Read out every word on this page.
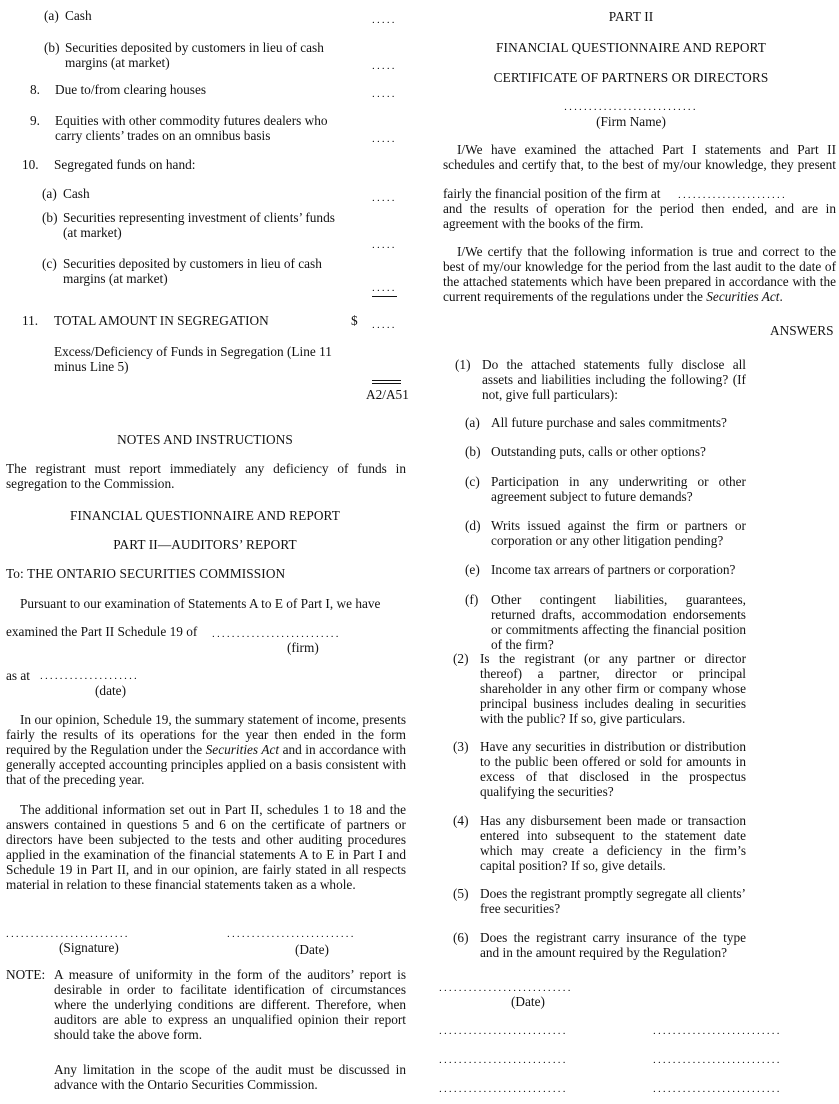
(a) Cash	.....
(b) Securities deposited by customers in lieu of cash
margins (at market)	.....
8. Due to/from clearing houses	.....
9. Equities with other commodity futures dealers who
carry clients’ trades on an omnibus basis	.....
10. Segregated funds on hand:
(a) Cash	.....
(b) Securities representing investment of clients’ funds
(at market)
.....
(c) Securities deposited by customers in lieu of cash
margins (at market)
.....
11. TOTAL AMOUNT IN SEGREGATION	$ .....
Excess/Deficiency of Funds in Segregation (Line 11
minus Line 5)
A2/A51
NOTES AND INSTRUCTIONS
The registrant must report immediately any deficiency of funds in segregation to the Commission.
FINANCIAL QUESTIONNAIRE AND REPORT
PART II—AUDITORS’ REPORT
To: THE ONTARIO SECURITIES COMMISSION
Pursuant to our examination of Statements A to E of Part I, we have
examined the Part II Schedule 19 of ..........................
(firm)
as at ....................
(date)
In our opinion, Schedule 19, the summary statement of income, presents fairly the results of its operations for the year then ended in the form required by the Regulation under the Securities Act and in accordance with generally accepted accounting principles applied on a basis consistent with that of the preceding year.
The additional information set out in Part II, schedules 1 to 18 and the answers contained in questions 5 and 6 on the certificate of partners or directors have been subjected to the tests and other auditing procedures applied in the examination of the financial statements A to E in Part I and Schedule 19 in Part II, and in our opinion, are fairly stated in all respects material in relation to these financial statements taken as a whole.
.........................
(Signature)
..........................
(Date)
NOTE: A measure of uniformity in the form of the auditors’ report is desirable in order to facilitate identification of circumstances where the underlying conditions are different. Therefore, when auditors are able to express an unqualified opinion their report should take the above form.
Any limitation in the scope of the audit must be discussed in advance with the Ontario Securities Commission.
PART II
FINANCIAL QUESTIONNAIRE AND REPORT
CERTIFICATE OF PARTNERS OR DIRECTORS
...........................
(Firm Name)
I/We have examined the attached Part I statements and Part II schedules and certify that, to the best of my/our knowledge, they present
fairly the financial position of the firm at ......................
and the results of operation for the period then ended, and are in agreement with the books of the firm.
I/We certify that the following information is true and correct to the best of my/our knowledge for the period from the last audit to the date of the attached statements which have been prepared in accordance with the current requirements of the regulations under the Securities Act.
ANSWERS
(1) Do the attached statements fully disclose all assets and liabilities including the following? (If not, give full particulars):
(a) All future purchase and sales commitments?
(b) Outstanding puts, calls or other options?
(c) Participation in any underwriting or other agreement subject to future demands?
(d) Writs issued against the firm or partners or corporation or any other litigation pending?
(e) Income tax arrears of partners or corporation?
(f) Other contingent liabilities, guarantees, returned drafts, accommodation endorsements or commitments affecting the financial position of the firm?
(2) Is the registrant (or any partner or director thereof) a partner, director or principal shareholder in any other firm or company whose principal business includes dealing in securities with the public? If so, give particulars.
(3) Have any securities in distribution or distribution to the public been offered or sold for amounts in excess of that disclosed in the prospectus qualifying the securities?
(4) Has any disbursement been made or transaction entered into subsequent to the statement date which may create a deficiency in the firm’s capital position? If so, give details.
(5) Does the registrant promptly segregate all clients’ free securities?
(6) Does the registrant carry insurance of the type and in the amount required by the Regulation?
...........................
(Date)
..........................	..........................
..........................	..........................
..........................	..........................
